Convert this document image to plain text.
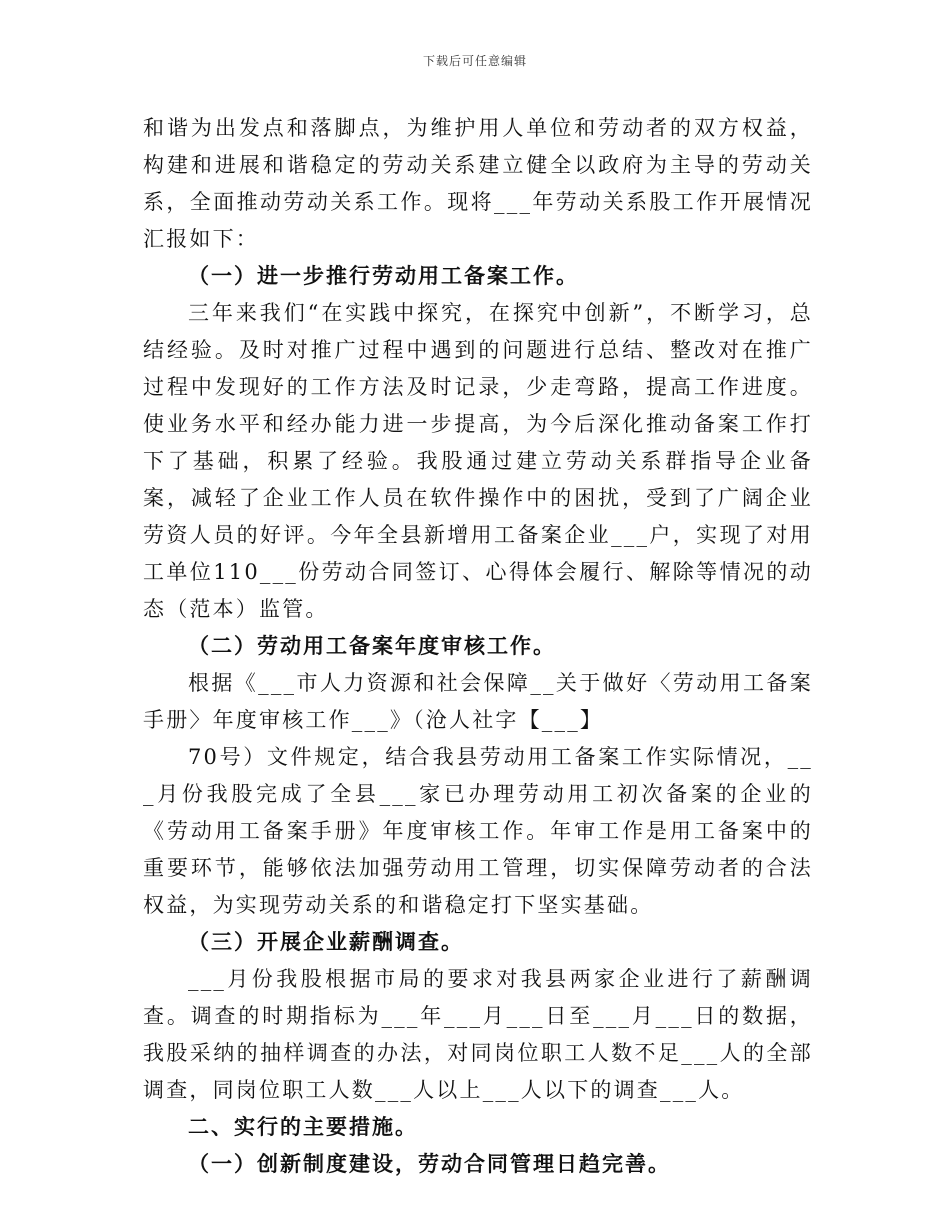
下载后可任意编辑

和谐为出发点和落脚点，为维护用人单位和劳动者的双方权益，构建和进展和谐稳定的劳动关系建立健全以政府为主导的劳动关系，全面推动劳动关系工作。现将___年劳动关系股工作开展情况汇报如下：

（一）进一步推行劳动用工备案工作。

三年来我们“在实践中探究，在探究中创新”，不断学习，总结经验。及时对推广过程中遇到的问题进行总结、整改对在推广过程中发现好的工作方法及时记录，少走弯路，提高工作进度。使业务水平和经办能力进一步提高，为今后深化推动备案工作打下了基础，积累了经验。我股通过建立劳动关系群指导企业备案，减轻了企业工作人员在软件操作中的困扰，受到了广阔企业劳资人员的好评。今年全县新增用工备案企业___户，实现了对用工单位110___份劳动合同签订、心得体会履行、解除等情况的动态（范本）监管。

（二）劳动用工备案年度审核工作。

根据《___市人力资源和社会保障__关于做好〈劳动用工备案手册〉年度审核工作___》（沧人社字【___】

70号）文件规定，结合我县劳动用工备案工作实际情况，___月份我股完成了全县___家已办理劳动用工初次备案的企业的《劳动用工备案手册》年度审核工作。年审工作是用工备案中的重要环节，能够依法加强劳动用工管理，切实保障劳动者的合法权益，为实现劳动关系的和谐稳定打下坚实基础。

（三）开展企业薪酬调查。

___月份我股根据市局的要求对我县两家企业进行了薪酬调查。调查的时期指标为___年___月___日至___月___日的数据，我股采纳的抽样调查的办法，对同岗位职工人数不足___人的全部调查，同岗位职工人数___人以上___人以下的调查___人。

二、实行的主要措施。

（一）创新制度建设，劳动合同管理日趋完善。
